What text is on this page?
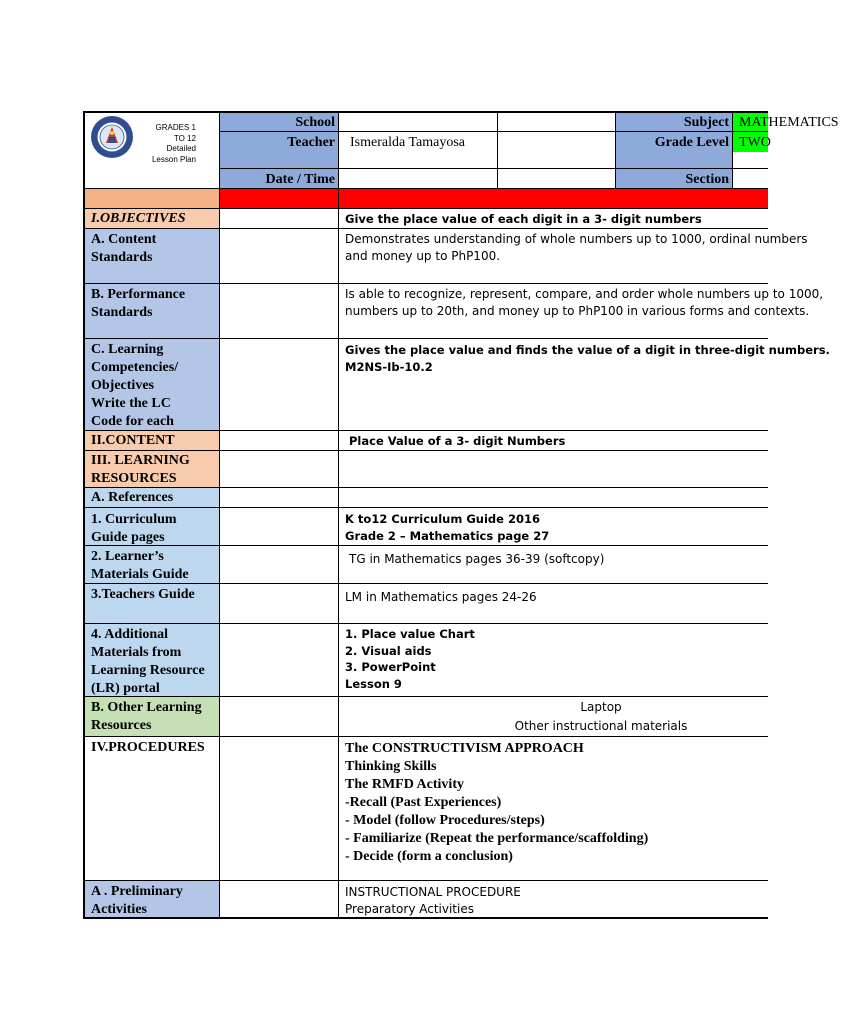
GRADES 1
TO 12
Detailed
Lesson Plan
School
Teacher	Ismeralda Tamayosa
Date / Time
Subject
Grade Level
Section
MATHEMATICS
TWO
I.OBJECTIVES
A. Content
Standards
B. Performance
Standards
C. Learning
Competencies/
Objectives
Write the LC
Code for each
II.CONTENT
III. LEARNING
RESOURCES
A. References
1. Curriculum
Guide pages
2. Learner’s
Materials Guide
3.Teachers Guide
4. Additional
Materials from
Learning Resource
(LR) portal
B. Other Learning
Resources
IV.PROCEDURES
A . Preliminary
Activities
Give the place value of each digit in a 3- digit numbers
Demonstrates understanding of whole numbers up to 1000, ordinal numbers
and money up to PhP100.
Is able to recognize, represent, compare, and order whole numbers up to 1000,
numbers up to 20th, and money up to PhP100 in various forms and contexts.
Gives the place value and finds the value of a digit in three-digit numbers.
M2NS-Ib-10.2
Place Value of a 3- digit Numbers
K to12 Curriculum Guide 2016
Grade 2 – Mathematics page 27
TG in Mathematics pages 36-39 (softcopy)
LM in Mathematics pages 24-26
1. Place value Chart
2. Visual aids
3. PowerPoint
Lesson 9
Laptop
Other instructional materials
The CONSTRUCTIVISM APPROACH
Thinking Skills
The RMFD Activity
-Recall (Past Experiences)
- Model (follow Procedures/steps)
- Familiarize (Repeat the performance/scaffolding)
- Decide (form a conclusion)
INSTRUCTIONAL PROCEDURE
Preparatory Activities
